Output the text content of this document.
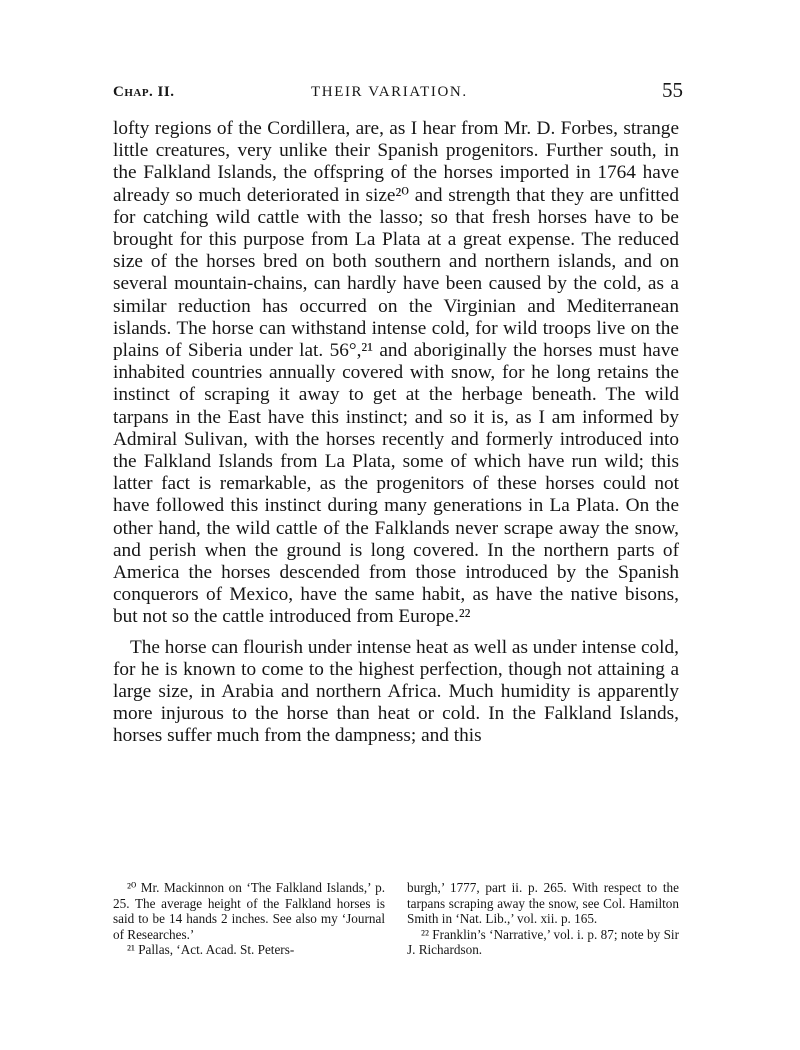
Chap. II.	THEIR VARIATION.	55

lofty regions of the Cordillera, are, as I hear from Mr. D. Forbes, strange little creatures, very unlike their Spanish progenitors. Further south, in the Falkland Islands, the offspring of the horses imported in 1764 have already so much deteriorated in size²⁰ and strength that they are unfitted for catching wild cattle with the lasso; so that fresh horses have to be brought for this purpose from La Plata at a great expense. The reduced size of the horses bred on both southern and northern islands, and on several mountain-chains, can hardly have been caused by the cold, as a similar reduction has occurred on the Virginian and Mediterranean islands. The horse can withstand intense cold, for wild troops live on the plains of Siberia under lat. 56°,²¹ and aboriginally the horses must have inhabited countries annually covered with snow, for he long retains the instinct of scraping it away to get at the herbage beneath. The wild tarpans in the East have this instinct; and so it is, as I am informed by Admiral Sulivan, with the horses recently and formerly introduced into the Falkland Islands from La Plata, some of which have run wild; this latter fact is remarkable, as the progenitors of these horses could not have followed this instinct during many generations in La Plata. On the other hand, the wild cattle of the Falklands never scrape away the snow, and perish when the ground is long covered. In the northern parts of America the horses descended from those introduced by the Spanish conquerors of Mexico, have the same habit, as have the native bisons, but not so the cattle introduced from Europe.²²

The horse can flourish under intense heat as well as under intense cold, for he is known to come to the highest perfection, though not attaining a large size, in Arabia and northern Africa. Much humidity is apparently more injurous to the horse than heat or cold. In the Falkland Islands, horses suffer much from the dampness; and this

²⁰ Mr. Mackinnon on ‘The Falkland Islands,’ p. 25. The average height of the Falkland horses is said to be 14 hands 2 inches. See also my ‘Journal of Researches.’

²¹ Pallas, ‘Act. Acad. St. Peters-

burgh,’ 1777, part ii. p. 265. With respect to the tarpans scraping away the snow, see Col. Hamilton Smith in ‘Nat. Lib.,’ vol. xii. p. 165.

²² Franklin’s ‘Narrative,’ vol. i. p. 87; note by Sir J. Richardson.
